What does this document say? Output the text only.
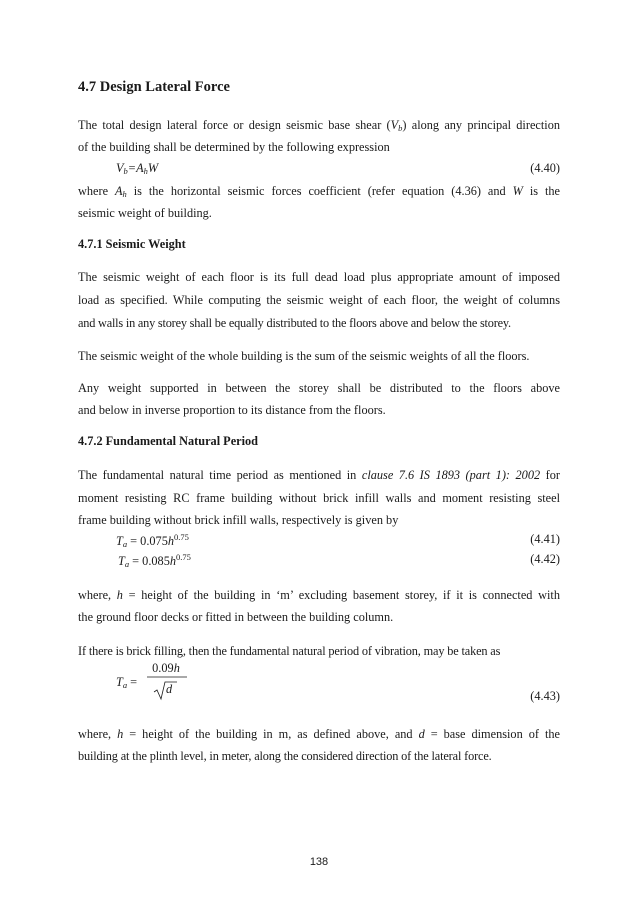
4.7 Design Lateral Force
The total design lateral force or design seismic base shear $(V_b)$ along any principal direction
of the building shall be determined by the following expression
$V_b=A_hW$	(4.40)
where $A_h$ is the horizontal seismic forces coefficient (refer equation (4.36) and W is the
seismic weight of building.
4.7.1 Seismic Weight
The seismic weight of each floor is its full dead load plus appropriate amount of imposed
load as specified. While computing the seismic weight of each floor, the weight of columns
and walls in any storey shall be equally distributed to the floors above and below the storey.
The seismic weight of the whole building is the sum of the seismic weights of all the floors.
Any weight supported in between the storey shall be distributed to the floors above
and below in inverse proportion to its distance from the floors.
4.7.2 Fundamental Natural Period
The fundamental natural time period as mentioned in clause 7.6 IS 1893 (part 1): 2002 for
moment resisting RC frame building without brick infill walls and moment resisting steel
frame building without brick infill walls, respectively is given by
$T_a = 0.075h^{0.75}$	(4.41)
$T_a = 0.085h^{0.75}$	(4.42)
where, h = height of the building in ‘m’ excluding basement storey, if it is connected with
the ground floor decks or fitted in between the building column.
If there is brick filling, then the fundamental natural period of vibration, may be taken as
$T_a$ =
0.09h
d	(4.43)
where, h = height of the building in m, as defined above, and d = base dimension of the
building at the plinth level, in meter, along the considered direction of the lateral force.
138
